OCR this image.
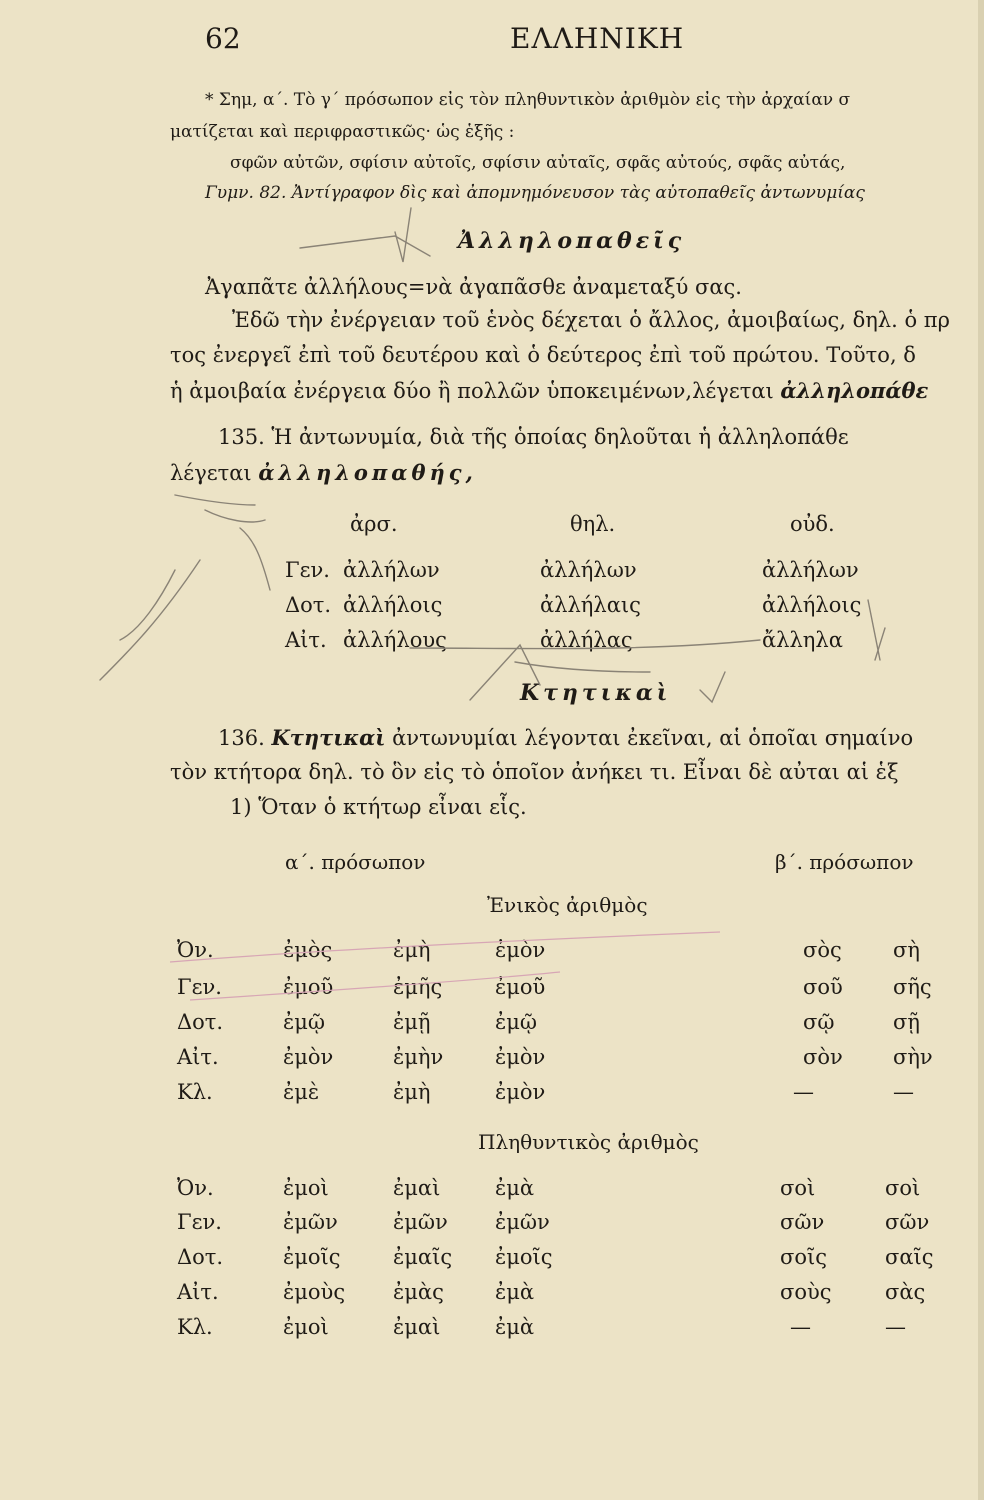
62	ΕΛΛΗΝΙΚΗ
* Σημ, α΄. Τὸ γ΄ πρόσωπον εἰς τὸν πληθυντικὸν ἀριθμὸν εἰς τὴν ἀρχαίαν σ
ματίζεται καὶ περιφραστικῶς· ὡς ἑξῆς :
σφῶν αὐτῶν, σφίσιν αὐτοῖς, σφίσιν αὐταῖς, σφᾶς αὐτούς, σφᾶς αὐτάς,
Γυμν. 82. Ἀντίγραφον δὶς καὶ ἀπομνημόνευσον τὰς αὐτοπαθεῖς ἀντωνυμίας
Ἀλληλοπαθεῖς
Ἀγαπᾶτε ἀλλήλους=νὰ ἀγαπᾶσθε ἀναμεταξύ σας.
Ἐδῶ τὴν ἐνέργειαν τοῦ ἑνὸς δέχεται ὁ ἄλλος, ἀμοιβαίως, δηλ. ὁ πρ
τος ἐνεργεῖ ἐπὶ τοῦ δευτέρου καὶ ὁ δεύτερος ἐπὶ τοῦ πρώτου. Τοῦτο, δ
ἡ ἀμοιβαία ἐνέργεια δύο ἢ πολλῶν ὑποκειμένων,λέγεται ἀλληλοπάθε
135. Ἡ ἀντωνυμία, διὰ τῆς ὁποίας δηλοῦται ἡ ἀλληλοπάθε
λέγεται ἀλληλοπαθής,
ἀρσ.	θηλ.	οὐδ.
Γεν. ἀλλήλων	ἀλλήλων	ἀλλήλων
Δοτ. ἀλλήλοις	ἀλλήλαις	ἀλλήλοις
Αἰτ. ἀλλήλους	ἀλλήλας	ἄλληλα
Κτητικαὶ
136. Κτητικαὶ ἀντωνυμίαι λέγονται ἐκεῖναι, αἱ ὁποῖαι σημαίνο
τὸν κτήτορα δηλ. τὸ ὃν εἰς τὸ ὁποῖον ἀνήκει τι. Εἶναι δὲ αὐται αἱ ἑξ
1) Ὅταν ὁ κτήτωρ εἶναι εἷς.
α΄. πρόσωπον	β΄. πρόσωπον
Ἐνικὸς ἀριθμὸς
Ὀν.	ἐμὸς	ἐμὴ	ἐμὸν	σὸς σὴ
Γεν.	ἐμοῦ	ἐμῆς	ἐμοῦ	σοῦ σῆς
Δοτ.	ἐμῷ	ἐμῇ	ἐμῷ	σῷ	σῇ
Αἰτ.	ἐμὸν	ἐμὴν ἐμὸν	σὸν σὴν
Κλ.	ἐμὲ	ἐμὴ	ἐμὸν	—	—
Πληθυντικὸς ἀριθμὸς
Ὀν.	ἐμοὶ	ἐμαὶ	ἐμὰ	σοὶ	σοὶ
Γεν.	ἐμῶν	ἐμῶν ἐμῶν	σῶν	σῶν
Δοτ.	ἐμοῖς ἐμαῖς ἐμοῖς	σοῖς	σαῖς
Αἰτ.	ἐμοὺς ἐμὰς ἐμὰ	σοὺς	σὰς
Κλ.	ἐμοὶ	ἐμαὶ	ἐμὰ	—	—
